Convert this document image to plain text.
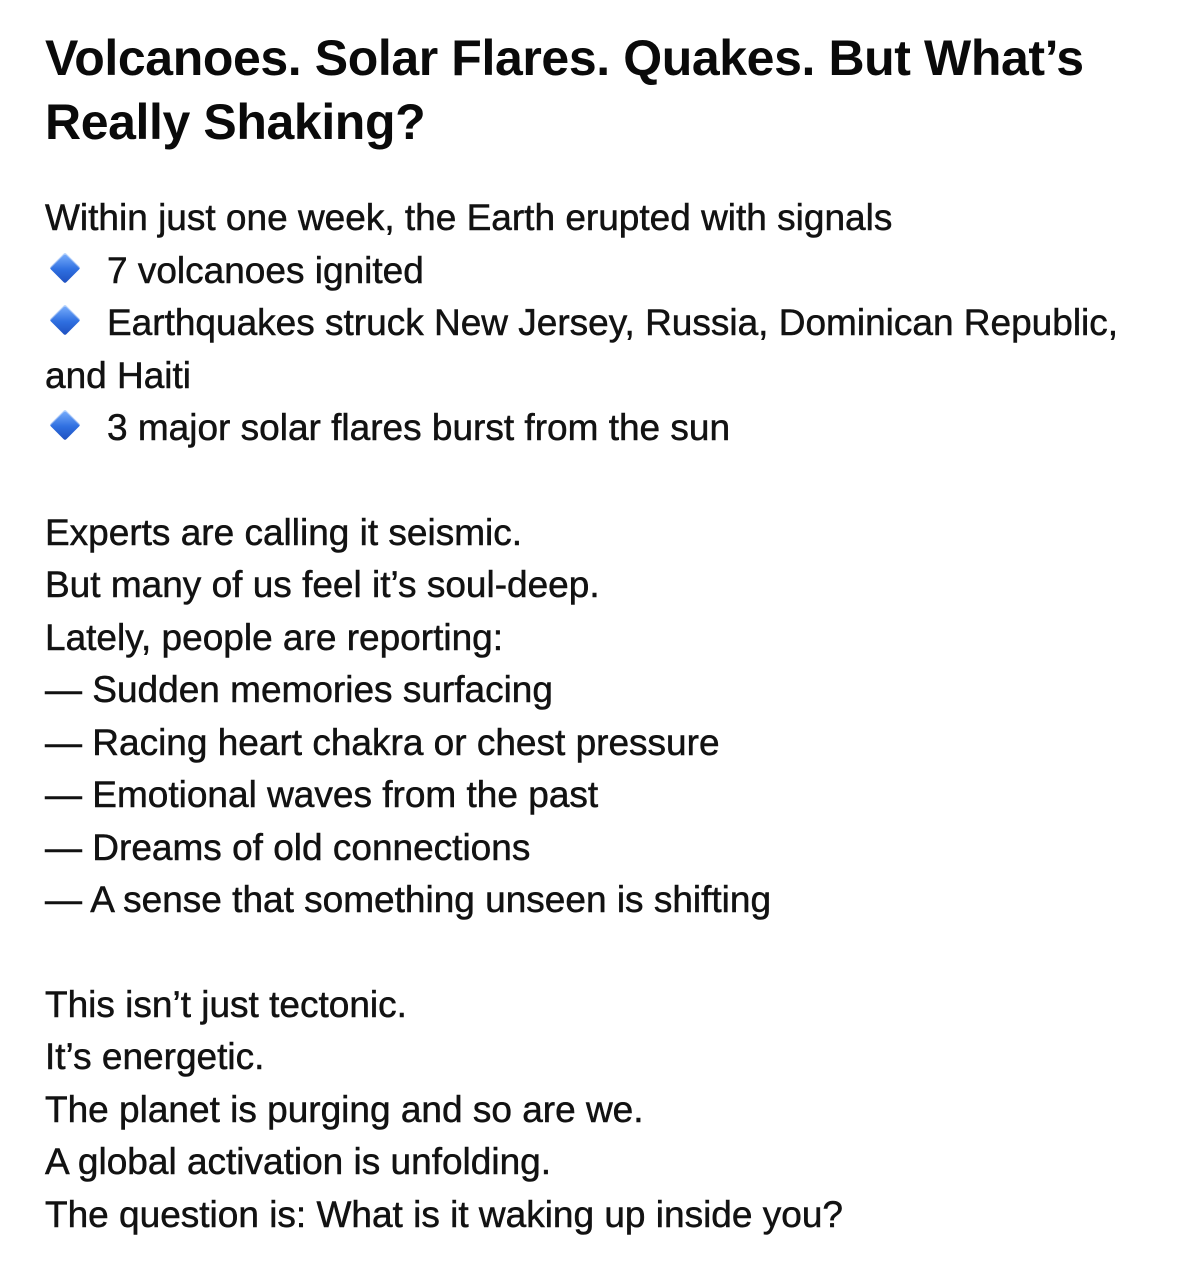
Volcanoes. Solar Flares. Quakes. But What’s Really Shaking?
Within just one week, the Earth erupted with signals
7 volcanoes ignited
Earthquakes struck New Jersey, Russia, Dominican Republic, and Haiti
3 major solar flares burst from the sun
Experts are calling it seismic.
But many of us feel it’s soul-deep.
Lately, people are reporting:
— Sudden memories surfacing
— Racing heart chakra or chest pressure
— Emotional waves from the past
— Dreams of old connections
— A sense that something unseen is shifting
This isn’t just tectonic.
It’s energetic.
The planet is purging and so are we.
A global activation is unfolding.
The question is: What is it waking up inside you?
